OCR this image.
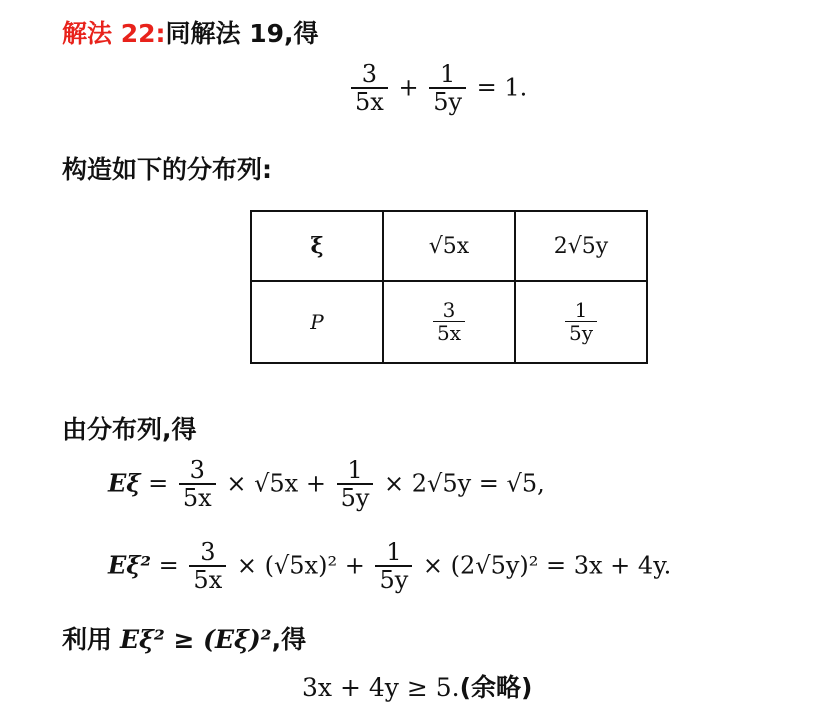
解法 22:同解法 19,得
$\frac{3}{5x} + \frac{1}{5y} = 1$.
构造如下的分布列:
ξ	√5x	2√5y
P	$\frac{3}{5x}$	$\frac{1}{5y}$
由分布列,得
$E\xi = \frac{3}{5x} \times √5x + \frac{1}{5y} \times 2√5y = √5$,
$E\xi^2 = \frac{3}{5x} \times (√5x)^2 + \frac{1}{5y} \times (2√5y)^2 = 3x + 4y$.
利用 Eξ² ≥ (Eξ)²,得
3x + 4y ≥ 5.(余略)
